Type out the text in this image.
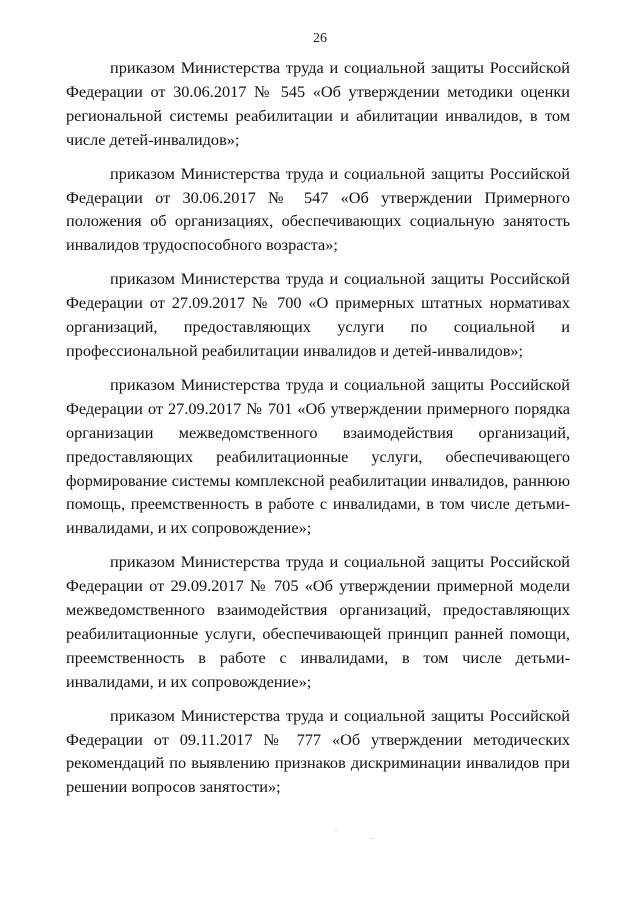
26

приказом Министерства труда и социальной защиты Российской Федерации от 30.06.2017 № 545 «Об утверждении методики оценки региональной системы реабилитации и абилитации инвалидов, в том числе детей-инвалидов»;

приказом Министерства труда и социальной защиты Российской Федерации от 30.06.2017 № 547 «Об утверждении Примерного положения об организациях, обеспечивающих социальную занятость инвалидов трудоспособного возраста»;

приказом Министерства труда и социальной защиты Российской Федерации от 27.09.2017 № 700 «О примерных штатных нормативах организаций, предоставляющих услуги по социальной и профессиональной реабилитации инвалидов и детей-инвалидов»;

приказом Министерства труда и социальной защиты Российской Федерации от 27.09.2017 № 701 «Об утверждении примерного порядка организации межведомственного взаимодействия организаций, предоставляющих реабилитационные услуги, обеспечивающего формирование системы комплексной реабилитации инвалидов, раннюю помощь, преемственность в работе с инвалидами, в том числе детьми-инвалидами, и их сопровождение»;

приказом Министерства труда и социальной защиты Российской Федерации от 29.09.2017 № 705 «Об утверждении примерной модели межведомственного взаимодействия организаций, предоставляющих реабилитационные услуги, обеспечивающей принцип ранней помощи, преемственность в работе с инвалидами, в том числе детьми-инвалидами, и их сопровождение»;

приказом Министерства труда и социальной защиты Российской Федерации от 09.11.2017 № 777 «Об утверждении методических рекомендаций по выявлению признаков дискриминации инвалидов при решении вопросов занятости»;
